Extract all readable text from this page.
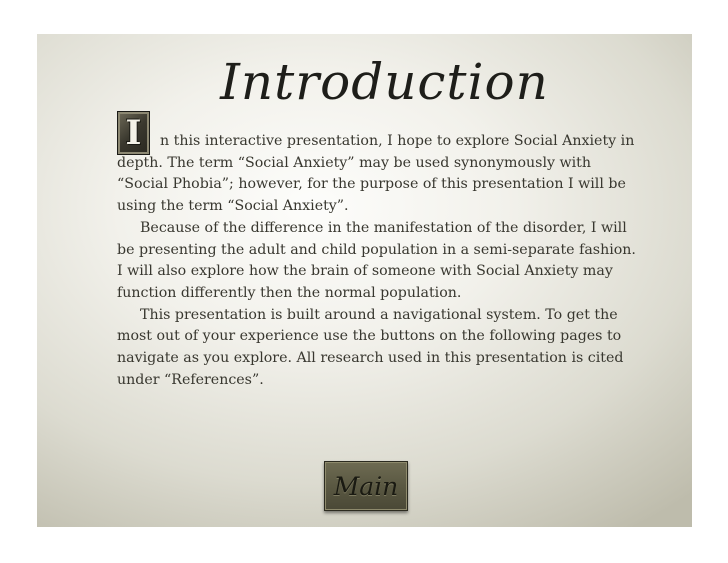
Introduction
I	n this interactive presentation, I hope to explore Social Anxiety in depth. The term “Social Anxiety” may be used synonymously with “Social Phobia”; however, for the purpose of this presentation I will be using the term “Social Anxiety”.

Because of the difference in the manifestation of the disorder, I will be presenting the adult and child population in a semi-separate fashion. I will also explore how the brain of someone with Social Anxiety may function differently then the normal population.

This presentation is built around a navigational system. To get the most out of your experience use the buttons on the following pages to navigate as you explore. All research used in this presentation is cited under “References”.

Main
